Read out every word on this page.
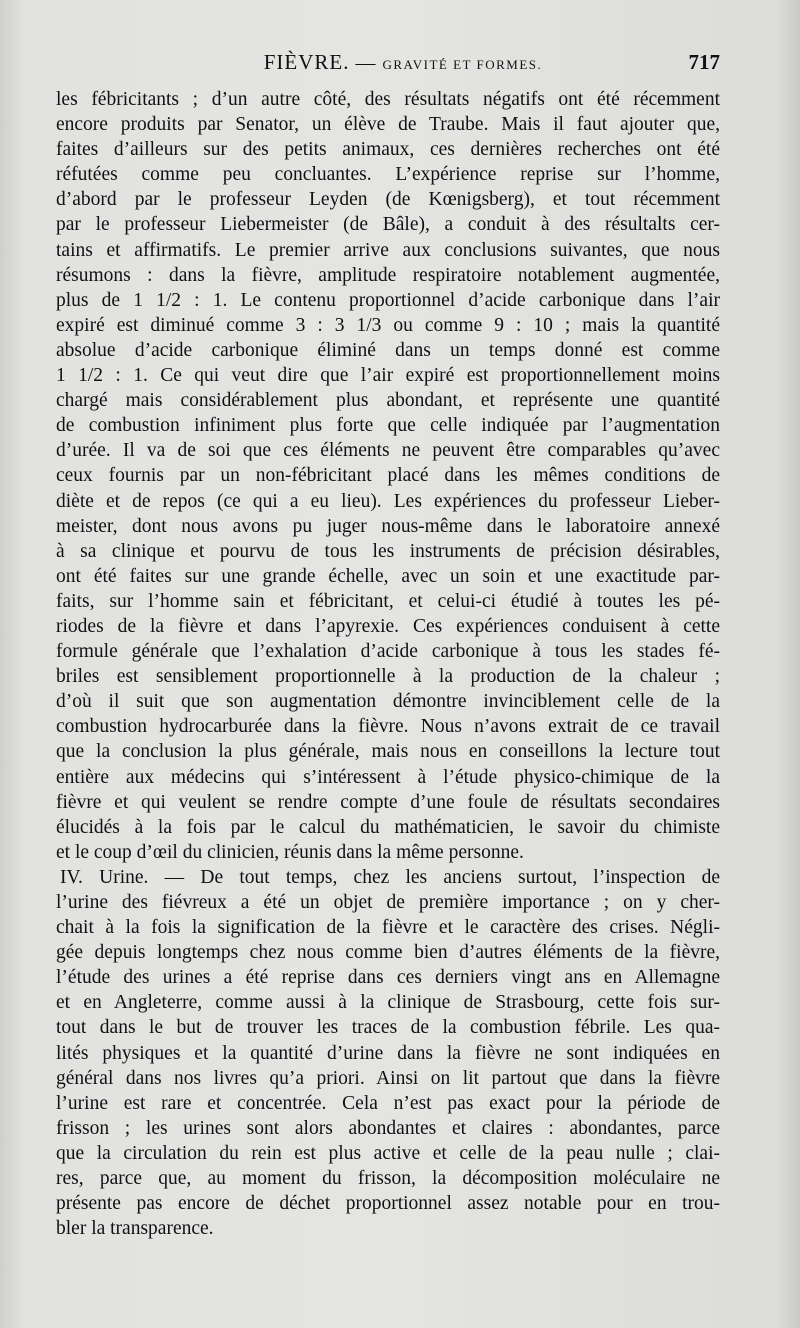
FIÈVRE. — GRAVITÉ ET FORMES.	717
les fébricitants ; d’un autre côté, des résultats négatifs ont été récemment
encore produits par Senator, un élève de Traube. Mais il faut ajouter que,
faites d’ailleurs sur des petits animaux, ces dernières recherches ont été
réfutées comme peu concluantes. L’expérience reprise sur l’homme,
d’abord par le professeur Leyden (de Kœnigsberg), et tout récemment
par le professeur Liebermeister (de Bâle), a conduit à des résultalts cer-
tains et affirmatifs. Le premier arrive aux conclusions suivantes, que nous
résumons : dans la fièvre, amplitude respiratoire notablement augmentée,
plus de 1 1/2 : 1. Le contenu proportionnel d’acide carbonique dans l’air
expiré est diminué comme 3 : 3 1/3 ou comme 9 : 10 ; mais la quantité
absolue d’acide carbonique éliminé dans un temps donné est comme
1 1/2 : 1. Ce qui veut dire que l’air expiré est proportionnellement moins
chargé mais considérablement plus abondant, et représente une quantité
de combustion infiniment plus forte que celle indiquée par l’augmentation
d’urée. Il va de soi que ces éléments ne peuvent être comparables qu’avec
ceux fournis par un non-fébricitant placé dans les mêmes conditions de
diète et de repos (ce qui a eu lieu). Les expériences du professeur Lieber-
meister, dont nous avons pu juger nous-même dans le laboratoire annexé
à sa clinique et pourvu de tous les instruments de précision désirables,
ont été faites sur une grande échelle, avec un soin et une exactitude par-
faits, sur l’homme sain et fébricitant, et celui-ci étudié à toutes les pé-
riodes de la fièvre et dans l’apyrexie. Ces expériences conduisent à cette
formule générale que l’exhalation d’acide carbonique à tous les stades fé-
briles est sensiblement proportionnelle à la production de la chaleur ;
d’où il suit que son augmentation démontre invinciblement celle de la
combustion hydrocarburée dans la fièvre. Nous n’avons extrait de ce travail
que la conclusion la plus générale, mais nous en conseillons la lecture tout
entière aux médecins qui s’intéressent à l’étude physico-chimique de la
fièvre et qui veulent se rendre compte d’une foule de résultats secondaires
élucidés à la fois par le calcul du mathématicien, le savoir du chimiste
et le coup d’œil du clinicien, réunis dans la même personne.
IV. Urine. — De tout temps, chez les anciens surtout, l’inspection de
l’urine des fiévreux a été un objet de première importance ; on y cher-
chait à la fois la signification de la fièvre et le caractère des crises. Négli-
gée depuis longtemps chez nous comme bien d’autres éléments de la fièvre,
l’étude des urines a été reprise dans ces derniers vingt ans en Allemagne
et en Angleterre, comme aussi à la clinique de Strasbourg, cette fois sur-
tout dans le but de trouver les traces de la combustion fébrile. Les qua-
lités physiques et la quantité d’urine dans la fièvre ne sont indiquées en
général dans nos livres qu’a priori. Ainsi on lit partout que dans la fièvre
l’urine est rare et concentrée. Cela n’est pas exact pour la période de
frisson ; les urines sont alors abondantes et claires : abondantes, parce
que la circulation du rein est plus active et celle de la peau nulle ; clai-
res, parce que, au moment du frisson, la décomposition moléculaire ne
présente pas encore de déchet proportionnel assez notable pour en trou-
bler la transparence.
